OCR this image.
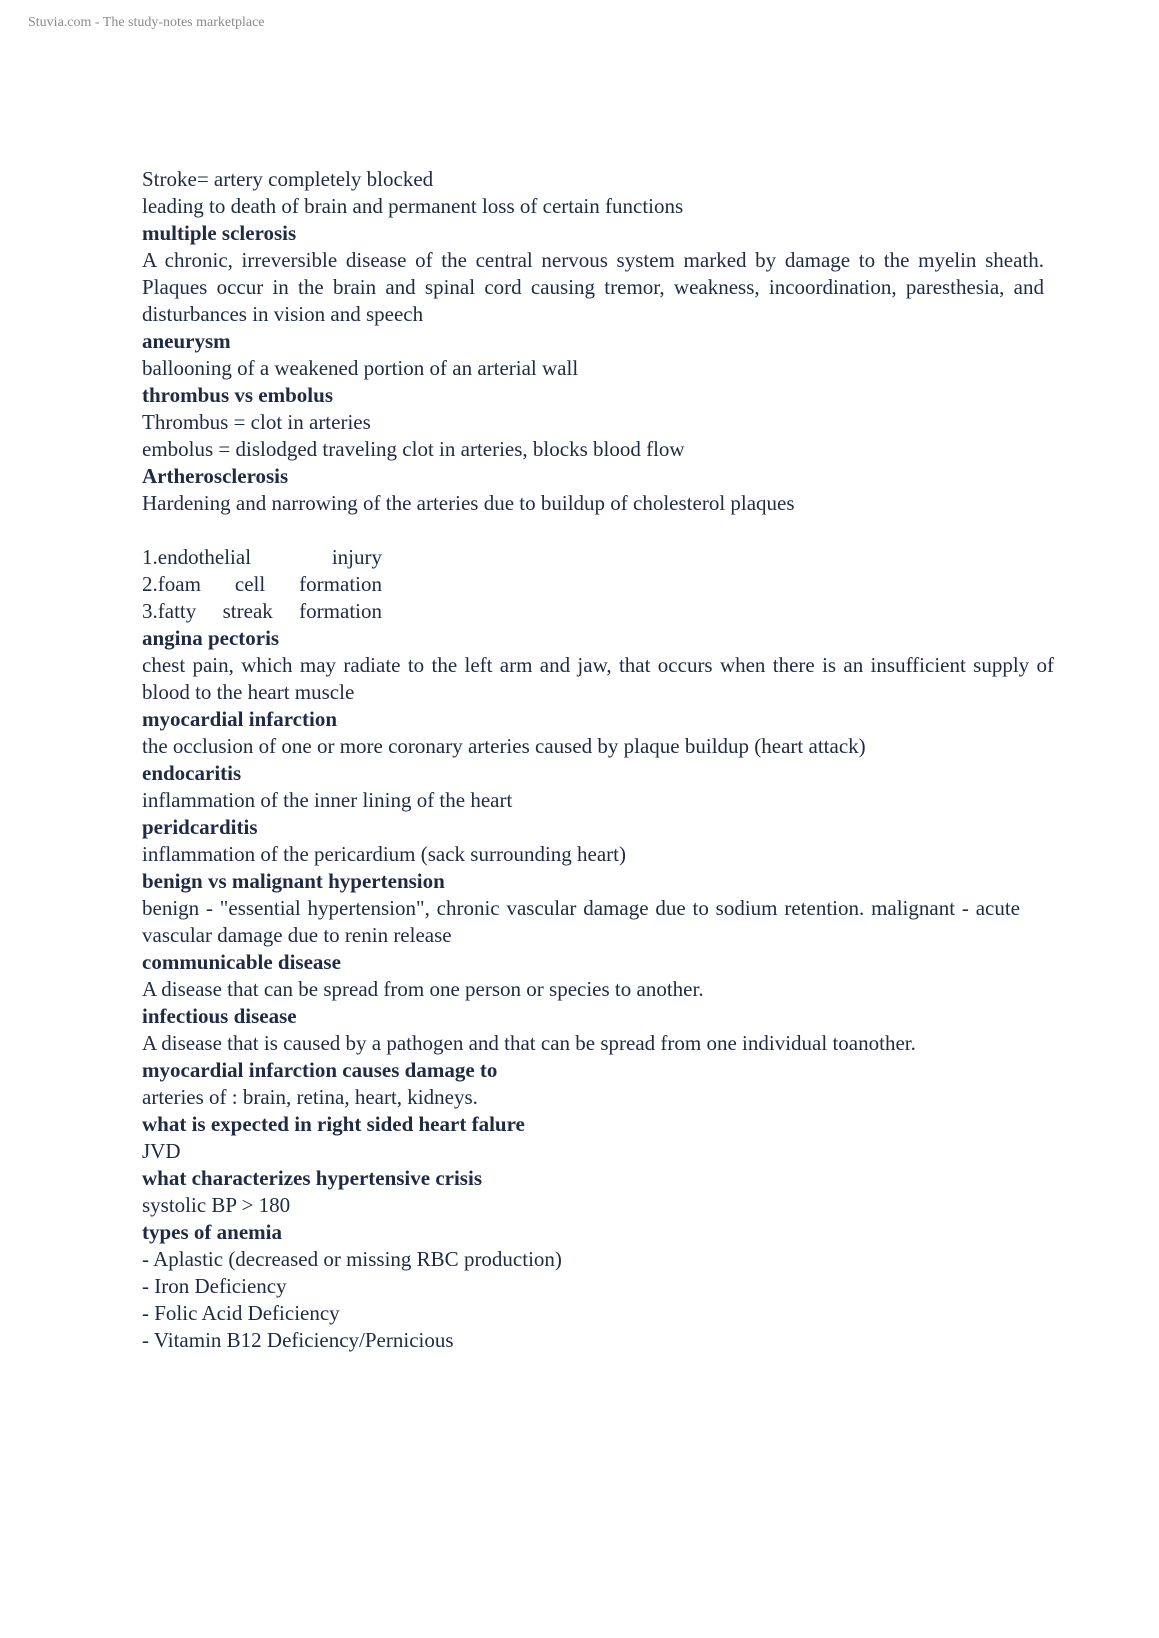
Stuvia.com - The study-notes marketplace
Stroke= artery completely blocked
leading to death of brain and permanent loss of certain functions
multiple sclerosis
A chronic, irreversible disease of the central nervous system marked by damage to the myelin sheath. Plaques occur in the brain and spinal cord causing tremor, weakness, incoordination, paresthesia, and disturbances in vision and speech
aneurysm
ballooning of a weakened portion of an arterial wall
thrombus vs embolus
Thrombus = clot in arteries
embolus = dislodged traveling clot in arteries, blocks blood flow
Artherosclerosis
Hardening and narrowing of the arteries due to buildup of cholesterol plaques
1.endothelial injury
2.foam cell formation
3.fatty streak formation
angina pectoris
chest pain, which may radiate to the left arm and jaw, that occurs when there is an insufficient supply of blood to the heart muscle
myocardial infarction
the occlusion of one or more coronary arteries caused by plaque buildup (heart attack)
endocaritis
inflammation of the inner lining of the heart
peridcarditis
inflammation of the pericardium (sack surrounding heart)
benign vs malignant hypertension
benign - "essential hypertension", chronic vascular damage due to sodium retention. malignant - acute vascular damage due to renin release
communicable disease
A disease that can be spread from one person or species to another.
infectious disease
A disease that is caused by a pathogen and that can be spread from one individual toanother.
myocardial infarction causes damage to
arteries of : brain, retina, heart, kidneys.
what is expected in right sided heart falure
JVD
what characterizes hypertensive crisis
systolic BP > 180
types of anemia
- Aplastic (decreased or missing RBC production)
- Iron Deficiency
- Folic Acid Deficiency
- Vitamin B12 Deficiency/Pernicious
